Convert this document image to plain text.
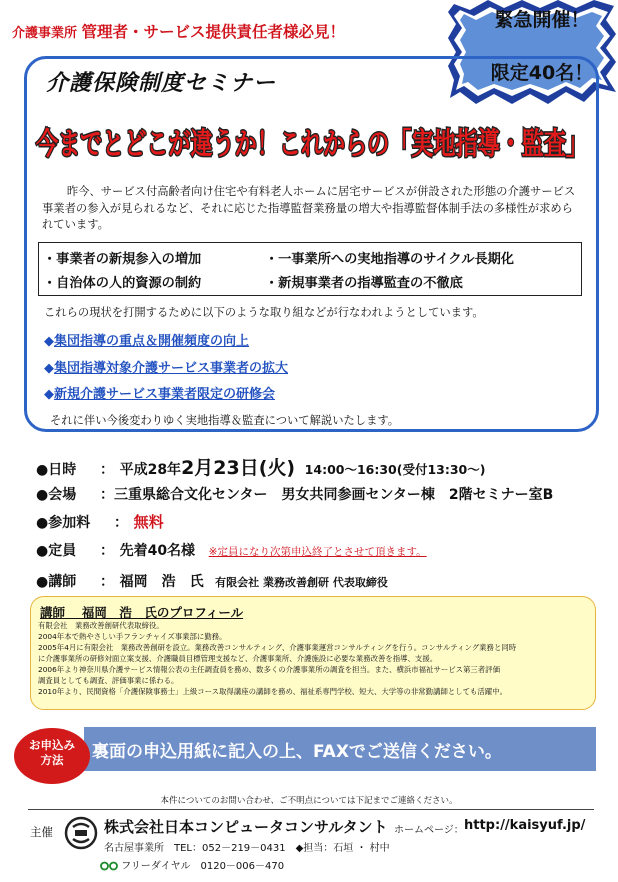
介護事業所 管理者・サービス提供責任者様必見！
緊急開催！
限定40名！
介護保険制度セミナー
今までとどこが違うか！これからの「実地指導・監査」
昨今、サービス付高齢者向け住宅や有料老人ホームに居宅サービスが併設された形態の介護サービス事業者の参入が見られるなど、それに応じた指導監督業務量の増大や指導監督体制手法の多様性が求められています。
・事業者の新規参入の増加	・一事業所への実地指導のサイクル長期化
・自治体の人的資源の制約	・新規事業者の指導監査の不徹底
これらの現状を打開するために以下のような取り組などが行なわれようとしています。
◆集団指導の重点＆開催頻度の向上
◆集団指導対象介護サービス事業者の拡大
◆新規介護サービス事業者限定の研修会
それに伴い今後変わりゆく実地指導＆監査について解説いたします。
●日時 ： 平成28年2月23日(火) 14:00～16:30(受付13:30～)
●会場 ：三重県総合文化センター　男女共同参画センター棟　2階セミナー室B
●参加料 ： 無料
●定員 ： 先着40名様 ※定員になり次第申込終了とさせて頂きます。
●講師 ： 福岡　浩　氏 有限会社 業務改善創研 代表取締役
講師　 福岡　浩　氏のプロフィール
有限会社　業務改善創研代表取締役。
2004年本で熱やさしい手フランチャイズ事業部に勤務。
2005年4月に有限会社　業務改善創研を設立。業務改善コンサルティング、介護事業運営コンサルティングを行う。コンサルティング業務と同時
に介護事業所の研修対面立案支援、介護職員目標管理支援など、介護事業所、介護施設に必要な業務改善を指導、支援。
2006年より神奈川県介護サービス情報公表の主任調査員を務め、数多くの介護事業所の調査を担当。また、横浜市福祉サービス第三者評価
調査員としても調査、評価事業に係わる。
2010年より、民間資格「介護保険事務士」上級コース取得講座の講師を務め、福祉系専門学校、短大、大学等の非常勤講師としても活躍中。
裏面の申込用紙に記入の上、FAXでご送信ください。
お申込み
方法
本件についてのお問い合わせ、ご不明点については下記までご連絡ください。
主催	株式会社日本コンピュータコンサルタント ホームページ： http://kaisyuf.jp/
名古屋事業所　TEL：052－219－0431　◆担当：石垣 ・ 村中
フリーダイヤル　0120－006－470
